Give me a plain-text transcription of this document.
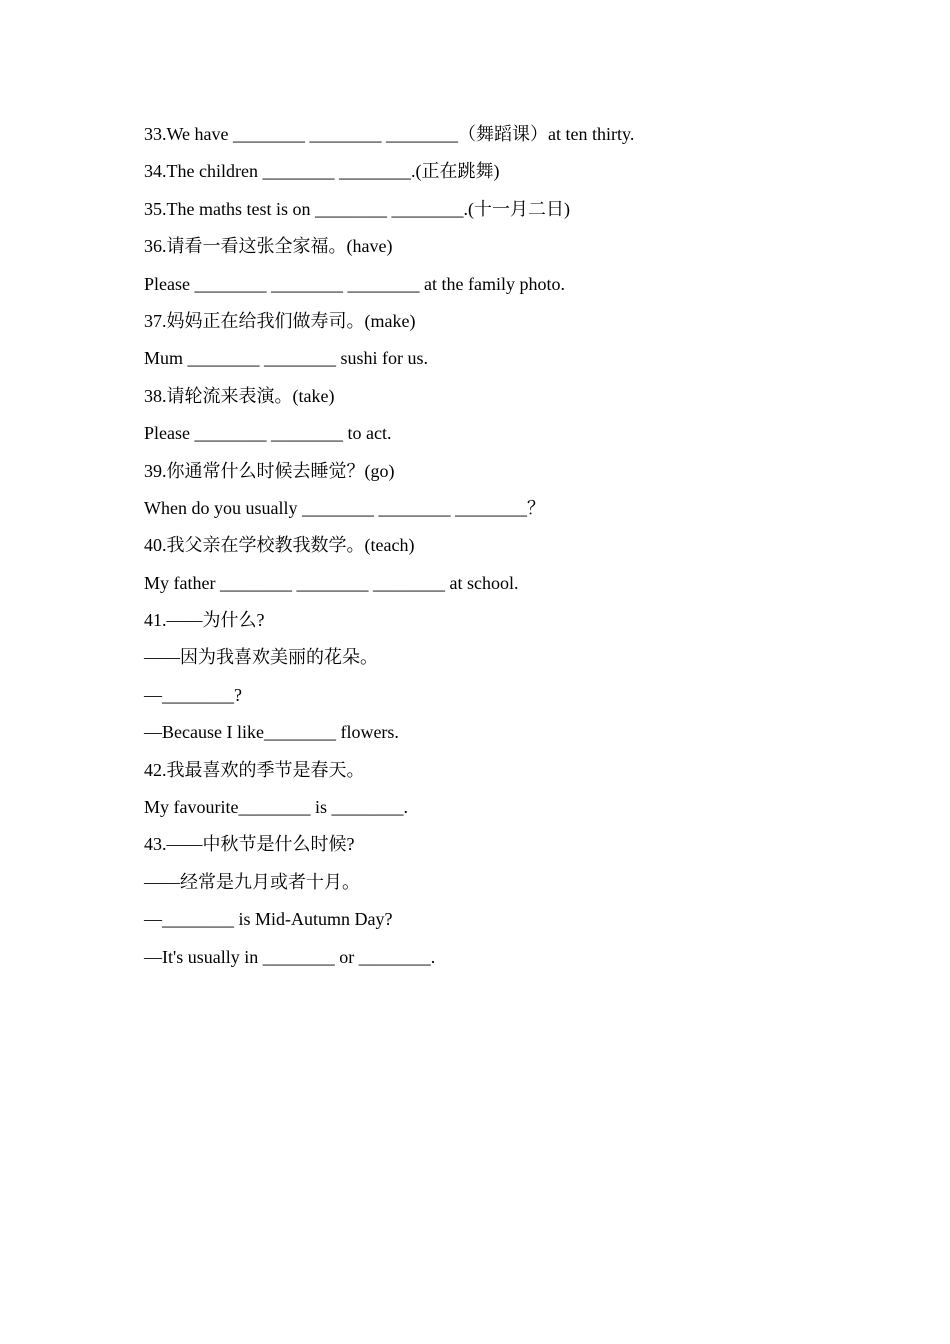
33.We have ________ ________ ________（舞蹈课）at ten thirty.
34.The children ________ ________.(正在跳舞)
35.The maths test is on ________ ________.(十一月二日)
36.请看一看这张全家福。(have)
Please ________ ________ ________ at the family photo.
37.妈妈正在给我们做寿司。(make)
Mum ________ ________ sushi for us.
38.请轮流来表演。(take)
Please ________ ________ to act.
39.你通常什么时候去睡觉？(go)
When do you usually ________ ________ ________？
40.我父亲在学校教我数学。(teach)
My father ________ ________ ________ at school.
41.——为什么?
——因为我喜欢美丽的花朵。
—________?
—Because I like________ flowers.
42.我最喜欢的季节是春天。
My favourite________ is ________.
43.——中秋节是什么时候?
——经常是九月或者十月。
—________ is Mid-Autumn Day?
—It's usually in ________ or ________.
